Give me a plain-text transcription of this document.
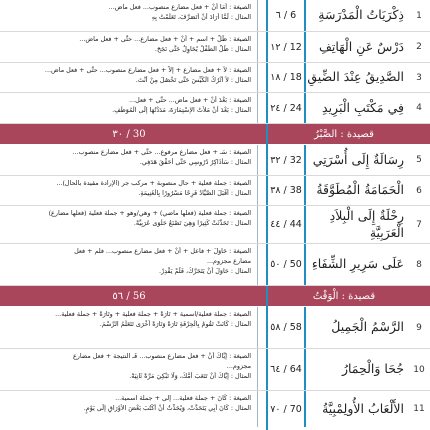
1
ذِكْرَيَاتُ الْمَدْرَسَةِ
6 / ٦
الصيغة : أمَا أنْ + فعل مضارع منصوب... فعل ماض...
المثال : لَمَّا أرَادَ أنْ أتَصَرَّفَ، تَعَلَّمْتُ بِهِ
2
دَرْسٌ عَنِ الْهَاتِفِ
12 / ١٢
الصيغة : ظَلَّ + اسم + أنْ + فعل مضارع... حتَّى + فعل ماض...
المثال : ظَلَّ الطِّفْلُ يُحَاوِلُ حَتَّى نَجَحَ.
3
الصَّدِيقُ عِنْدَ الضِّيقِ
18 / ١٨
الصيغة : لاَ + فعل مضارع + إلاَّ + فعل مضارع منصوب... حتَّى + فعل ماض...
المثال : لاَ أتْرُكُ الْكَيِّسَ حَتَّى تَحْصُلَ مِنْ أنْتَ.
4
فِي مَكْتَبِ الْبَرِيدِ
24 / ٢٤
الصيغة : بَعْدَ أنْ + فعل ماض... حتَّى + فعل...
المثال : بَعْدَ أنْ مَلأتُ الاِسْتِمَارَةَ، مَدَدْتُهَا إلَى الْمُوَظَّفِ.
قصيدة : الصَّبْرُ
30 / ٣٠
5
رِسَالَةٌ إِلَى أُسْرَتِي
32 / ٣٢
الصيغة : سَـ + فعل مضارع مرفوع... حتَّى + فعل مضارع منصوب...
المثال : سَأُذَاكِرُ دُرُوسِي حَتَّى أُحَقِّقَ هَدَفِي.
6
الْحَمَامَةُ الْمُطَوَّقَةُ
38 / ٣٨
الصيغة : جملة فعلية + حال منصوبة + مركب جر (الإرادة مقيدة بالحال)...
المثال : أقْبَلَ الصَّيَّادُ فَرِحًا مَسْرُورًا بِالْغَنِيمَةِ.
7
رِحْلَةٌ إِلَى الْبِلاَدِ الْعَرَبِيَّةِ
44 / ٤٤
الصيغة : جملة فعلية (فعلها ماضي) + وهي/وهو + جملة فعلية (فعلها مضارع)
المثال : تَحَدَّثَتْ كَثِيرًا وَهِيَ تَصْنَعُ حَلْوَى عَرَبِيَّةً.
8
عَلَى سَرِيرِ الشِّفَاءِ
50 / ٥٠
الصيغة : حَاوَلَ + فاعل + أنْ + فعل مضارع منصوب... فلم + فعل
مضارع مجزوم...
المثال : حَاوَلَ أنْ يَتَحَرَّكَ، فَلَمْ يَقْدِرْ.
قصيدة : الْوَقْتُ
56 / ٥٦
9
الرَّسْمُ الْجَمِيلُ
58 / ٥٨
الصيغة : جملة فعلية/اسمية + تَارَةً + جملة فعلية + وتَارَةً + جملة فعلية...
المثال : كَانَتْ تَقُومُ بِالْحِرْفَةِ تَارَةً وَتَارَةً أُخْرَى تَتَعَلَّمُ الرَّسْمَ.
10
جُحَا وَالْحِمَارُ
64 / ٦٤
الصيغة : إيَّاكَ أنْ + فعل مضارع منصوب... فَـ النتيجة + فعل مضارع
مجزوم...
المثال : إيَّاكَ أنْ تَتَعَبَ أُمَّكَ، وَلَا تَبْكِيَ مَرَّةً ثَانِيَةً.
11
الأَلْعَابُ الأُولِمْبِيَّةُ
70 / ٧٠
الصيغة : كَانَ + جملة فعلية... إلى + جملة اسمية...
المثال : كَانَ أبِي يَتَحَدَّثُ، وَيُحَدِّثُ أنْ أكْتُبَ بَعْضَ الأَوْرَاقِ إلَى يَوْمٍ.
